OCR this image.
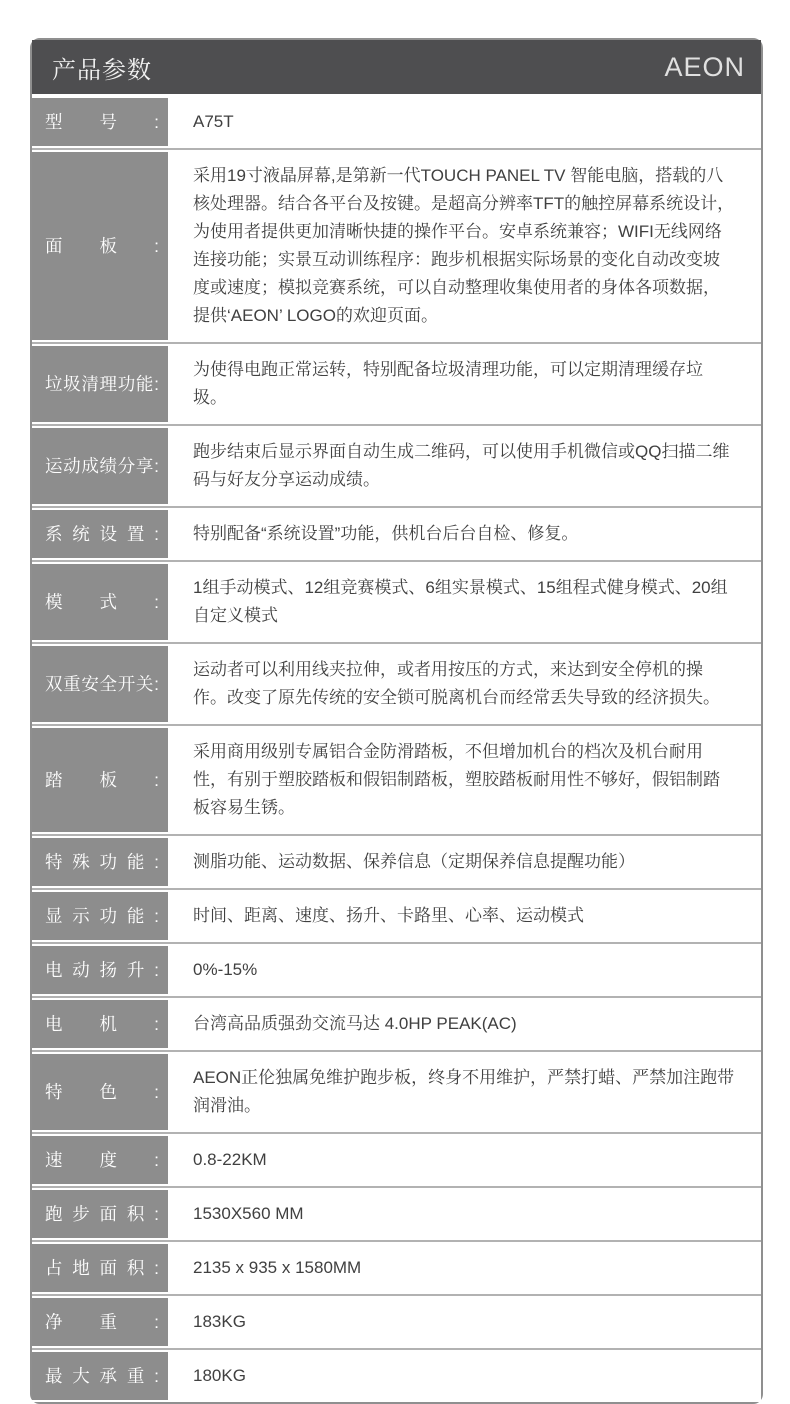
产品参数	AEON
型号: A75T
面板:
采用19寸液晶屏幕,是第新一代TOUCH PANEL TV 智能电脑，搭载的八核处理器。结合各平台及按键。是超高分辨率TFT的触控屏幕系统设计，为使用者提供更加清晰快捷的操作平台。安卓系统兼容；WIFI无线网络连接功能；实景互动训练程序：跑步机根据实际场景的变化自动改变坡度或速度；模拟竞赛系统，可以自动整理收集使用者的身体各项数据，提供‘AEON’ LOGO的欢迎页面。
垃圾清理功能:
为使得电跑正常运转，特别配备垃圾清理功能，可以定期清理缓存垃圾。
运动成绩分享:
跑步结束后显示界面自动生成二维码，可以使用手机微信或QQ扫描二维码与好友分享运动成绩。
系统设置: 特别配备“系统设置”功能，供机台后台自检、修复。
模式:
1组手动模式、12组竞赛模式、6组实景模式、15组程式健身模式、20组自定义模式
双重安全开关:
运动者可以利用线夹拉伸，或者用按压的方式，来达到安全停机的操作。改变了原先传统的安全锁可脱离机台而经常丢失导致的经济损失。
踏板:
采用商用级别专属铝合金防滑踏板，不但增加机台的档次及机台耐用性，有别于塑胶踏板和假铝制踏板，塑胶踏板耐用性不够好，假铝制踏板容易生锈。
特殊功能: 测脂功能、运动数据、保养信息（定期保养信息提醒功能）
显示功能: 时间、距离、速度、扬升、卡路里、心率、运动模式
电动扬升: 0%-15%
电机: 台湾高品质强劲交流马达 4.0HP PEAK(AC)
特色:
AEON正伦独属免维护跑步板，终身不用维护，严禁打蜡、严禁加注跑带润滑油。
速度: 0.8-22KM
跑步面积: 1530X560 MM
占地面积: 2135 x 935 x 1580MM
净重: 183KG
最大承重: 180KG
